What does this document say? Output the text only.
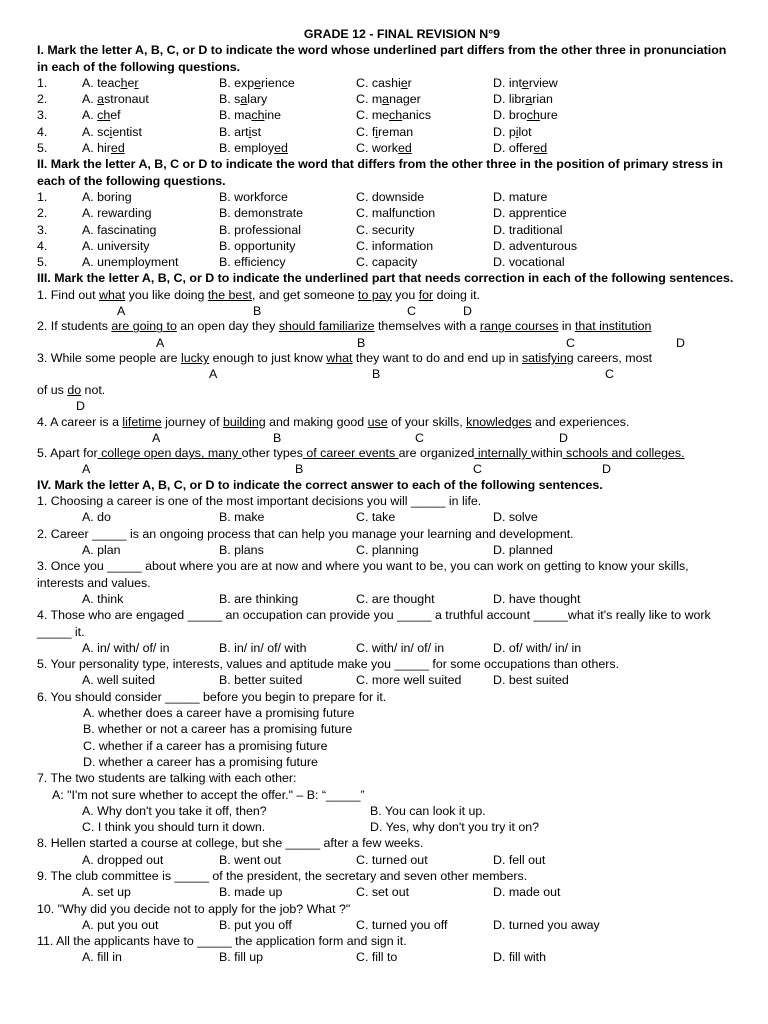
GRADE 12 - FINAL REVISION N°9
I. Mark the letter A, B, C, or D to indicate the word whose underlined part differs from the other three in pronunciation in each of the following questions.
1.	A. teacher	B. experience	C. cashier	D. interview
2.	A. astronaut	B. salary	C. manager	D. librarian
3.	A. chef	B. machine	C. mechanics	D. brochure
4.	A. scientist	B. artist	C. fireman	D. pilot
5.	A. hired	B. employed	C. worked	D. offered
II. Mark the letter A, B, C or D to indicate the word that differs from the other three in the position of primary stress in each of the following questions.
1.	A. boring	B. workforce	C. downside	D. mature
2.	A. rewarding	B. demonstrate	C. malfunction	D. apprentice
3.	A. fascinating	B. professional	C. security	D. traditional
4.	A. university	B. opportunity	C. information	D. adventurous
5.	A. unemployment	B. efficiency	C. capacity	D. vocational
III. Mark the letter A, B, C, or D to indicate the underlined part that needs correction in each of the following sentences.
1. Find out what you like doing the best, and get someone to pay you for doing it.
A	B	C	D
2. If students are going to an open day they should familiarize themselves with a range courses in that institution
A	B	C	D
3. While some people are lucky enough to just know what they want to do and end up in satisfying careers, most
A	B	C
of us do not.
D
4. A career is a lifetime journey of building and making good use of your skills, knowledges and experiences.
A	B	C	D
5. Apart for college open days, many other types of career events are organized internally within schools and colleges.
A	B	C	D
IV. Mark the letter A, B, C, or D to indicate the correct answer to each of the following sentences.
1. Choosing a career is one of the most important decisions you will _____ in life.
A. do	B. make	C. take	D. solve
2. Career _____ is an ongoing process that can help you manage your learning and development.
A. plan	B. plans	C. planning	D. planned
3. Once you _____ about where you are at now and where you want to be, you can work on getting to know your skills, interests and values.
A. think	B. are thinking	C. are thought	D. have thought
4. Those who are engaged _____ an occupation can provide you _____ a truthful account _____what it's really like to work _____ it.
A. in/ with/ of/ in	B. in/ in/ of/ with	C. with/ in/ of/ in	D. of/ with/ in/ in
5. Your personality type, interests, values and aptitude make you _____ for some occupations than others.
A. well suited	B. better suited	C. more well suited	D. best suited
6. You should consider _____ before you begin to prepare for it.
A. whether does a career have a promising future
B. whether or not a career has a promising future
C. whether if a career has a promising future
D. whether a career has a promising future
7. The two students are talking with each other:
A: "I'm not sure whether to accept the offer." – B: “_____”
A. Why don't you take it off, then?	B. You can look it up.
C. I think you should turn it down.	D. Yes, why don't you try it on?
8. Hellen started a course at college, but she _____ after a few weeks.
A. dropped out	B. went out	C. turned out	D. fell out
9. The club committee is _____ of the president, the secretary and seven other members.
A. set up	B. made up	C. set out	D. made out
10. "Why did you decide not to apply for the job? What ?"
A. put you out	B. put you off	C. turned you off	D. turned you away
11. All the applicants have to _____ the application form and sign it.
A. fill in	B. fill up	C. fill to	D. fill with
